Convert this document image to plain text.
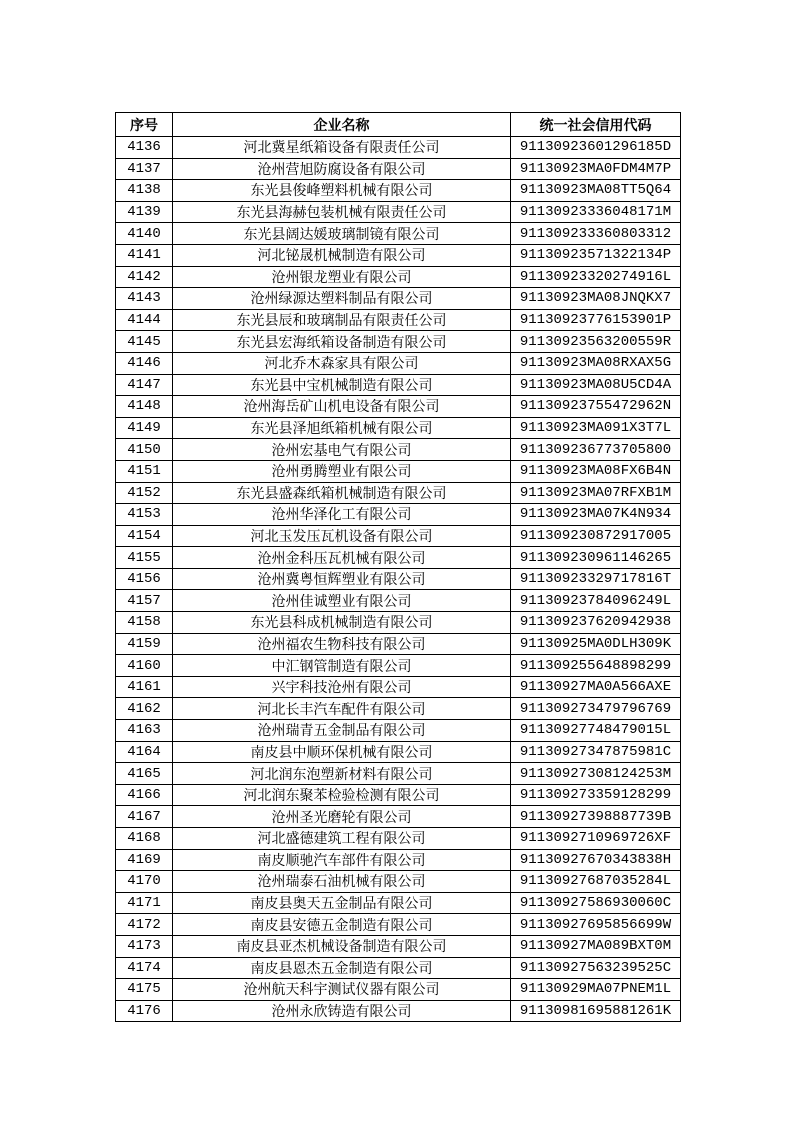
序号	企业名称	统一社会信用代码
4136	河北冀星纸箱设备有限责任公司	91130923601296185D
4137	沧州营旭防腐设备有限公司	91130923MA0FDM4M7P
4138	东光县俊峰塑料机械有限公司	91130923MA08TT5Q64
4139	东光县海赫包装机械有限责任公司	91130923336048171M
4140	东光县阔达媛玻璃制镜有限公司	911309233360803312
4141	河北铋晟机械制造有限公司	91130923571322134P
4142	沧州银龙塑业有限公司	91130923320274916L
4143	沧州绿源达塑料制品有限公司	91130923MA08JNQKX7
4144	东光县辰和玻璃制品有限责任公司	91130923776153901P
4145	东光县宏海纸箱设备制造有限公司	91130923563200559R
4146	河北乔木森家具有限公司	91130923MA08RXAX5G
4147	东光县中宝机械制造有限公司	91130923MA08U5CD4A
4148	沧州海岳矿山机电设备有限公司	91130923755472962N
4149	东光县泽旭纸箱机械有限公司	91130923MA091X3T7L
4150	沧州宏基电气有限公司	911309236773705800
4151	沧州勇腾塑业有限公司	91130923MA08FX6B4N
4152	东光县盛森纸箱机械制造有限公司	91130923MA07RFXB1M
4153	沧州华泽化工有限公司	91130923MA07K4N934
4154	河北玉发压瓦机设备有限公司	911309230872917005
4155	沧州金科压瓦机械有限公司	911309230961146265
4156	沧州冀粤恒辉塑业有限公司	91130923329717816T
4157	沧州佳诚塑业有限公司	91130923784096249L
4158	东光县科成机械制造有限公司	911309237620942938
4159	沧州福农生物科技有限公司	91130925MA0DLH309K
4160	中汇钢管制造有限公司	911309255648898299
4161	兴宇科技沧州有限公司	91130927MA0A566AXE
4162	河北长丰汽车配件有限公司	911309273479796769
4163	沧州瑞青五金制品有限公司	91130927748479015L
4164	南皮县中顺环保机械有限公司	91130927347875981C
4165	河北润东泡塑新材料有限公司	91130927308124253M
4166	河北润东聚苯检验检测有限公司	911309273359128299
4167	沧州圣光磨轮有限公司	91130927398887739B
4168	河北盛德建筑工程有限公司	9113092710969726XF
4169	南皮顺驰汽车部件有限公司	91130927670343838H
4170	沧州瑞泰石油机械有限公司	91130927687035284L
4171	南皮县奥天五金制品有限公司	91130927586930060C
4172	南皮县安德五金制造有限公司	91130927695856699W
4173	南皮县亚杰机械设备制造有限公司	91130927MA089BXT0M
4174	南皮县恩杰五金制造有限公司	91130927563239525C
4175	沧州航天科宇测试仪器有限公司	91130929MA07PNEM1L
4176	沧州永欣铸造有限公司	91130981695881261K
